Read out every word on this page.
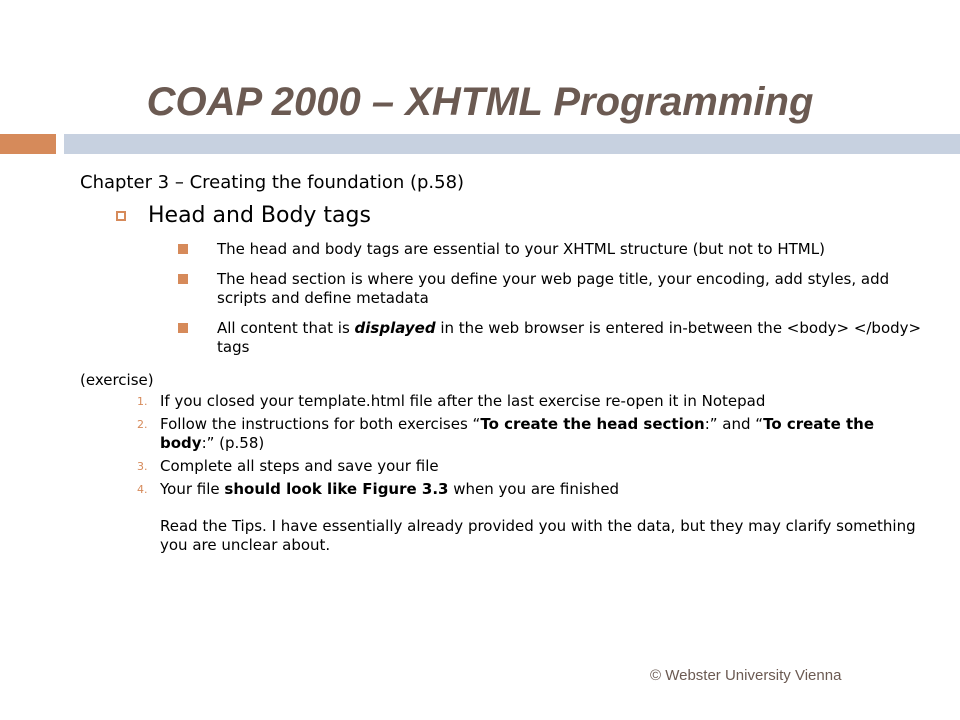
COAP 2000 – XHTML Programming

Chapter 3 – Creating the foundation (p.58)

Head and Body tags
The head and body tags are essential to your XHTML structure (but not to HTML)
The head section is where you define your web page title, your encoding, add styles, add scripts and define metadata
All content that is displayed in the web browser is entered in-between the <body> </body> tags

(exercise)

1. If you closed your template.html file after the last exercise re-open it in Notepad
2. Follow the instructions for both exercises “To create the head section:” and “To create the body:” (p.58)
3. Complete all steps and save your file
4. Your file should look like Figure 3.3 when you are finished

Read the Tips. I have essentially already provided you with the data, but they may clarify something you are unclear about.

© Webster University Vienna
